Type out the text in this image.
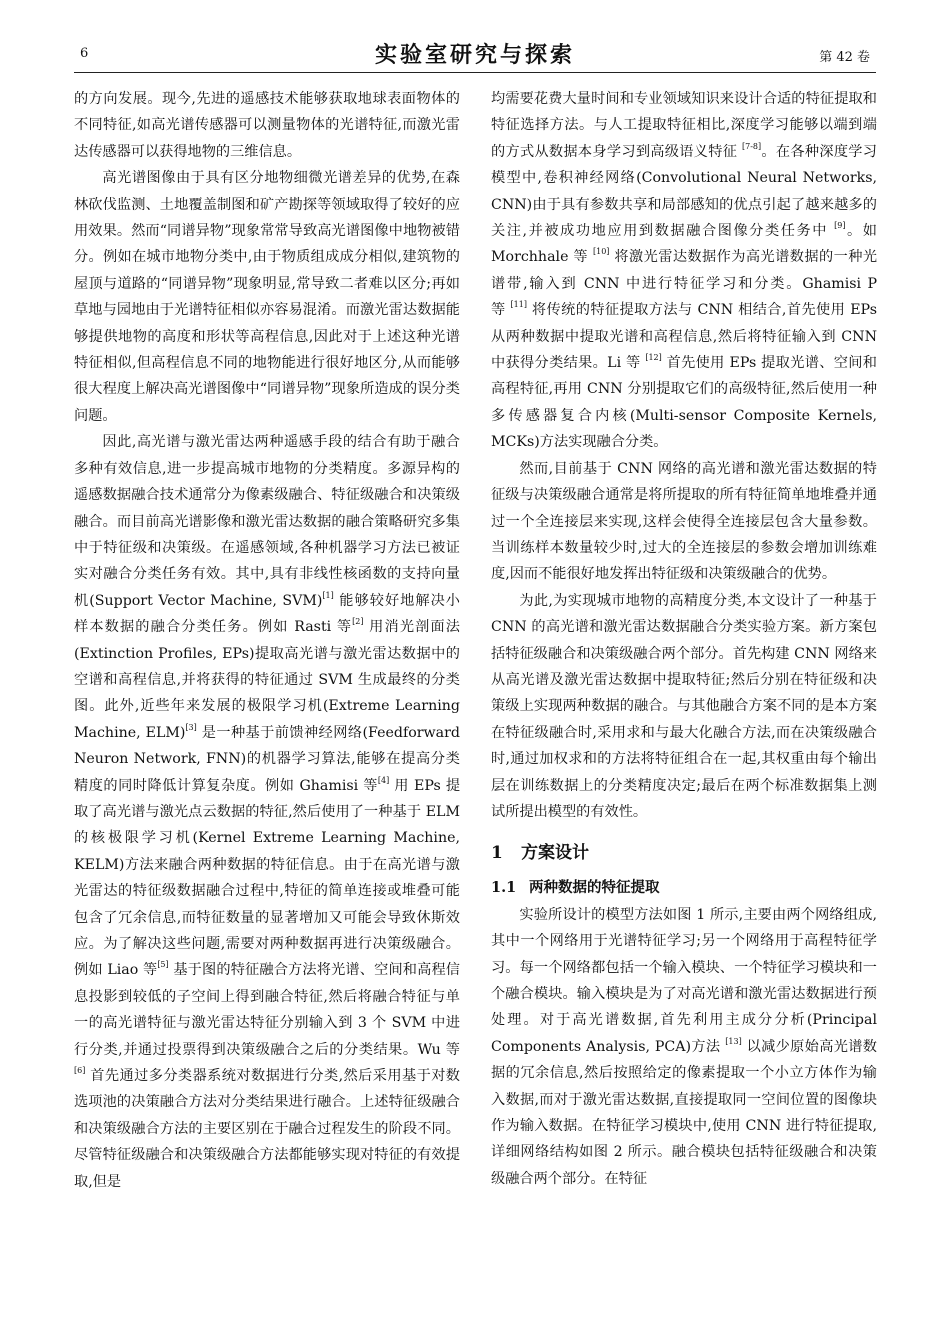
6	实验室研究与探索	第 42 卷

的方向发展。现今,先进的遥感技术能够获取地球表面物体的不同特征,如高光谱传感器可以测量物体的光谱特征,而激光雷达传感器可以获得地物的三维信息。

高光谱图像由于具有区分地物细微光谱差异的优势,在森林砍伐监测、土地覆盖制图和矿产勘探等领域取得了较好的应用效果。然而“同谱异物”现象常常导致高光谱图像中地物被错分。例如在城市地物分类中,由于物质组成成分相似,建筑物的屋顶与道路的“同谱异物”现象明显,常导致二者难以区分;再如草地与园地由于光谱特征相似亦容易混淆。而激光雷达数据能够提供地物的高度和形状等高程信息,因此对于上述这种光谱特征相似,但高程信息不同的地物能进行很好地区分,从而能够很大程度上解决高光谱图像中“同谱异物”现象所造成的误分类问题。

因此,高光谱与激光雷达两种遥感手段的结合有助于融合多种有效信息,进一步提高城市地物的分类精度。多源异构的遥感数据融合技术通常分为像素级融合、特征级融合和决策级融合。而目前高光谱影像和激光雷达数据的融合策略研究多集中于特征级和决策级。在遥感领域,各种机器学习方法已被证实对融合分类任务有效。其中,具有非线性核函数的支持向量机(Support Vector Machine, SVM)[1] 能够较好地解决小样本数据的融合分类任务。例如 Rasti 等[2] 用消光剖面法(Extinction Profiles, EPs)提取高光谱与激光雷达数据中的空谱和高程信息,并将获得的特征通过 SVM 生成最终的分类图。此外,近些年来发展的极限学习机(Extreme Learning Machine, ELM)[3] 是一种基于前馈神经网络(Feedforward Neuron Network, FNN)的机器学习算法,能够在提高分类精度的同时降低计算复杂度。例如 Ghamisi 等[4] 用 EPs 提取了高光谱与激光点云数据的特征,然后使用了一种基于 ELM 的核极限学习机(Kernel Extreme Learning Machine, KELM)方法来融合两种数据的特征信息。由于在高光谱与激光雷达的特征级数据融合过程中,特征的简单连接或堆叠可能包含了冗余信息,而特征数量的显著增加又可能会导致休斯效应。为了解决这些问题,需要对两种数据再进行决策级融合。例如 Liao 等[5] 基于图的特征融合方法将光谱、空间和高程信息投影到较低的子空间上得到融合特征,然后将融合特征与单一的高光谱特征与激光雷达特征分别输入到 3 个 SVM 中进行分类,并通过投票得到决策级融合之后的分类结果。Wu 等[6] 首先通过多分类器系统对数据进行分类,然后采用基于对数选项池的决策融合方法对分类结果进行融合。上述特征级融合和决策级融合方法的主要区别在于融合过程发生的阶段不同。尽管特征级融合和决策级融合方法都能够实现对特征的有效提取,但是

均需要花费大量时间和专业领域知识来设计合适的特征提取和特征选择方法。与人工提取特征相比,深度学习能够以端到端的方式从数据本身学习到高级语义特征 [7-8]。在各种深度学习模型中,卷积神经网络(Convolutional Neural Networks, CNN)由于具有参数共享和局部感知的优点引起了越来越多的关注,并被成功地应用到数据融合图像分类任务中 [9]。如 Morchhale 等 [10] 将激光雷达数据作为高光谱数据的一种光谱带,输入到 CNN 中进行特征学习和分类。Ghamisi P 等 [11] 将传统的特征提取方法与 CNN 相结合,首先使用 EPs 从两种数据中提取光谱和高程信息,然后将特征输入到 CNN 中获得分类结果。Li 等 [12] 首先使用 EPs 提取光谱、空间和高程特征,再用 CNN 分别提取它们的高级特征,然后使用一种多传感器复合内核(Multi-sensor Composite Kernels, MCKs)方法实现融合分类。

然而,目前基于 CNN 网络的高光谱和激光雷达数据的特征级与决策级融合通常是将所提取的所有特征简单地堆叠并通过一个全连接层来实现,这样会使得全连接层包含大量参数。当训练样本数量较少时,过大的全连接层的参数会增加训练难度,因而不能很好地发挥出特征级和决策级融合的优势。

为此,为实现城市地物的高精度分类,本文设计了一种基于 CNN 的高光谱和激光雷达数据融合分类实验方案。新方案包括特征级融合和决策级融合两个部分。首先构建 CNN 网络来从高光谱及激光雷达数据中提取特征;然后分别在特征级和决策级上实现两种数据的融合。与其他融合方案不同的是本方案在特征级融合时,采用求和与最大化融合方法,而在决策级融合时,通过加权求和的方法将特征组合在一起,其权重由每个输出层在训练数据上的分类精度决定;最后在两个标准数据集上测试所提出模型的有效性。

1 方案设计
1.1 两种数据的特征提取

实验所设计的模型方法如图 1 所示,主要由两个网络组成,其中一个网络用于光谱特征学习;另一个网络用于高程特征学习。每一个网络都包括一个输入模块、一个特征学习模块和一个融合模块。输入模块是为了对高光谱和激光雷达数据进行预处理。对于高光谱数据,首先利用主成分分析(Principal Components Analysis, PCA)方法 [13] 以减少原始高光谱数据的冗余信息,然后按照给定的像素提取一个小立方体作为输入数据,而对于激光雷达数据,直接提取同一空间位置的图像块作为输入数据。在特征学习模块中,使用 CNN 进行特征提取,详细网络结构如图 2 所示。融合模块包括特征级融合和决策级融合两个部分。在特征
